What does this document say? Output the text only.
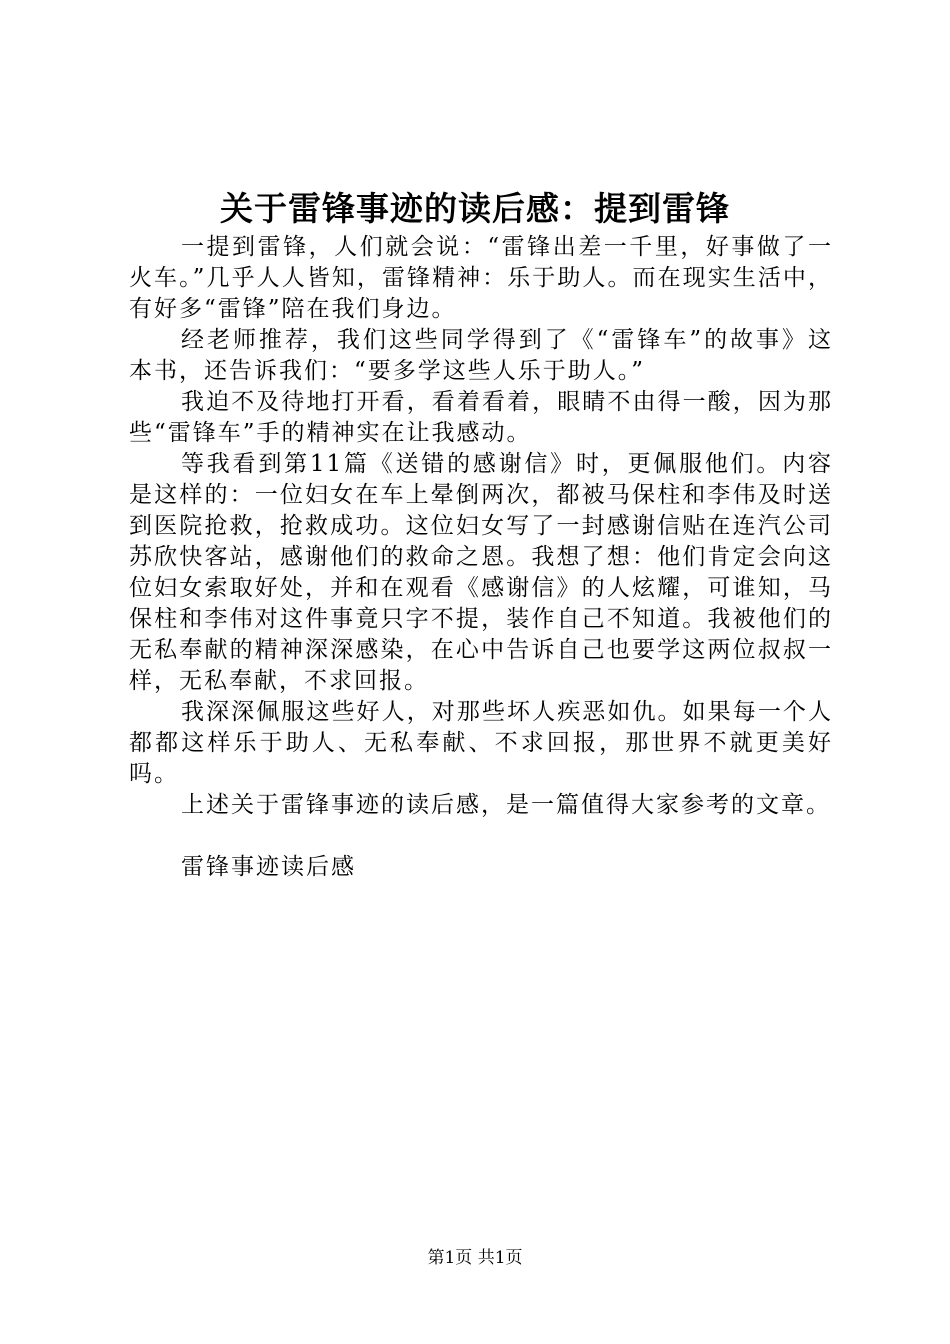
关于雷锋事迹的读后感：提到雷锋

一提到雷锋，人们就会说：“雷锋出差一千里，好事做了一火车。”几乎人人皆知，雷锋精神：乐于助人。而在现实生活中，有好多“雷锋”陪在我们身边。

经老师推荐，我们这些同学得到了《“雷锋车”的故事》这本书，还告诉我们：“要多学这些人乐于助人。”

我迫不及待地打开看，看着看着，眼睛不由得一酸，因为那些“雷锋车”手的精神实在让我感动。

等我看到第11篇《送错的感谢信》时，更佩服他们。内容是这样的：一位妇女在车上晕倒两次，都被马保柱和李伟及时送到医院抢救，抢救成功。这位妇女写了一封感谢信贴在连汽公司苏欣快客站，感谢他们的救命之恩。我想了想：他们肯定会向这位妇女索取好处，并和在观看《感谢信》的人炫耀，可谁知，马保柱和李伟对这件事竟只字不提，装作自己不知道。我被他们的无私奉献的精神深深感染，在心中告诉自己也要学这两位叔叔一样，无私奉献，不求回报。

我深深佩服这些好人，对那些坏人疾恶如仇。如果每一个人都都这样乐于助人、无私奉献、不求回报，那世界不就更美好吗。

上述关于雷锋事迹的读后感，是一篇值得大家参考的文章。

雷锋事迹读后感

第1页 共1页
